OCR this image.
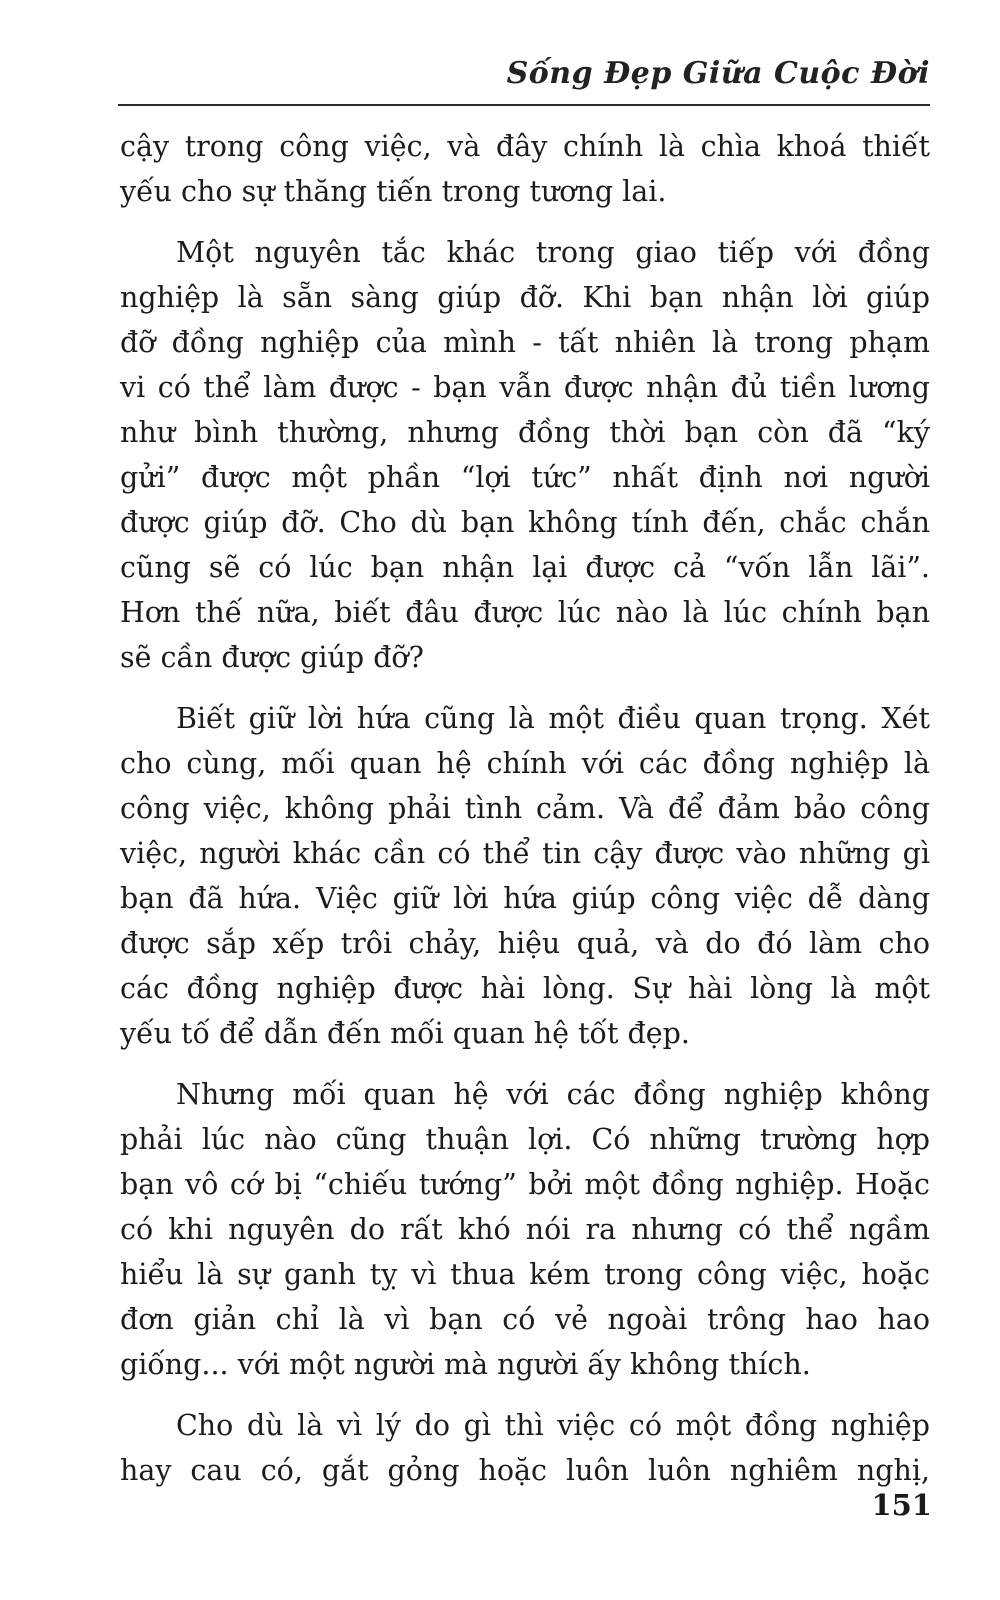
Sống Đẹp Giữa Cuộc Đời
cậy trong công việc, và đây chính là chìa khoá thiết
yếu cho sự thăng tiến trong tương lai.
Một nguyên tắc khác trong giao tiếp với đồng
nghiệp là sẵn sàng giúp đỡ. Khi bạn nhận lời giúp
đỡ đồng nghiệp của mình - tất nhiên là trong phạm
vi có thể làm được - bạn vẫn được nhận đủ tiền lương
như bình thường, nhưng đồng thời bạn còn đã “ký
gửi” được một phần “lợi tức” nhất định nơi người
được giúp đỡ. Cho dù bạn không tính đến, chắc chắn
cũng sẽ có lúc bạn nhận lại được cả “vốn lẫn lãi”.
Hơn thế nữa, biết đâu được lúc nào là lúc chính bạn
sẽ cần được giúp đỡ?
Biết giữ lời hứa cũng là một điều quan trọng. Xét
cho cùng, mối quan hệ chính với các đồng nghiệp là
công việc, không phải tình cảm. Và để đảm bảo công
việc, người khác cần có thể tin cậy được vào những gì
bạn đã hứa. Việc giữ lời hứa giúp công việc dễ dàng
được sắp xếp trôi chảy, hiệu quả, và do đó làm cho
các đồng nghiệp được hài lòng. Sự hài lòng là một
yếu tố để dẫn đến mối quan hệ tốt đẹp.
Nhưng mối quan hệ với các đồng nghiệp không
phải lúc nào cũng thuận lợi. Có những trường hợp
bạn vô cớ bị “chiếu tướng” bởi một đồng nghiệp. Hoặc
có khi nguyên do rất khó nói ra nhưng có thể ngầm
hiểu là sự ganh tỵ vì thua kém trong công việc, hoặc
đơn giản chỉ là vì bạn có vẻ ngoài trông hao hao
giống... với một người mà người ấy không thích.
Cho dù là vì lý do gì thì việc có một đồng nghiệp
hay cau có, gắt gỏng hoặc luôn luôn nghiêm nghị,
151
